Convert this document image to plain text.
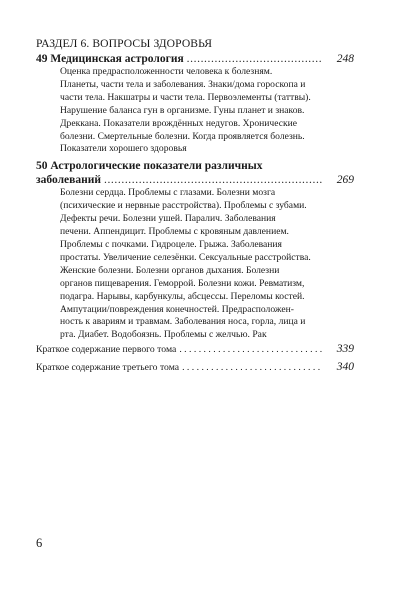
РАЗДЕЛ 6. ВОПРОСЫ ЗДОРОВЬЯ
49 Медицинская астрология .....	248
Оценка предрасположенности человека к болезням.
Планеты, части тела и заболевания. Знаки/дома гороскопа и
части тела. Накшатры и части тела. Первоэлементы (таттвы).
Нарушение баланса гун в организме. Гуны планет и знаков.
Дреккана. Показатели врождённых недугов. Хронические
болезни. Смертельные болезни. Когда проявляется болезнь.
Показатели хорошего здоровья
50 Астрологические показатели различных
заболеваний .....	269
Болезни сердца. Проблемы с глазами. Болезни мозга
(психические и нервные расстройства). Проблемы с зубами.
Дефекты речи. Болезни ушей. Паралич. Заболевания
печени. Аппендицит. Проблемы с кровяным давлением.
Проблемы с почками. Гидроцеле. Грыжа. Заболевания
простаты. Увеличение селезёнки. Сексуальные расстройства.
Женские болезни. Болезни органов дыхания. Болезни
органов пищеварения. Геморрой. Болезни кожи. Ревматизм,
подагра. Нарывы, карбункулы, абсцессы. Переломы костей.
Ампутации/повреждения конечностей. Предрасположен-
ность к авариям и травмам. Заболевания носа, горла, лица и
рта. Диабет. Водобоязнь. Проблемы с желчью. Рак
Краткое содержание первого тома . . .	339
Краткое содержание третьего тома . . .	340
6
